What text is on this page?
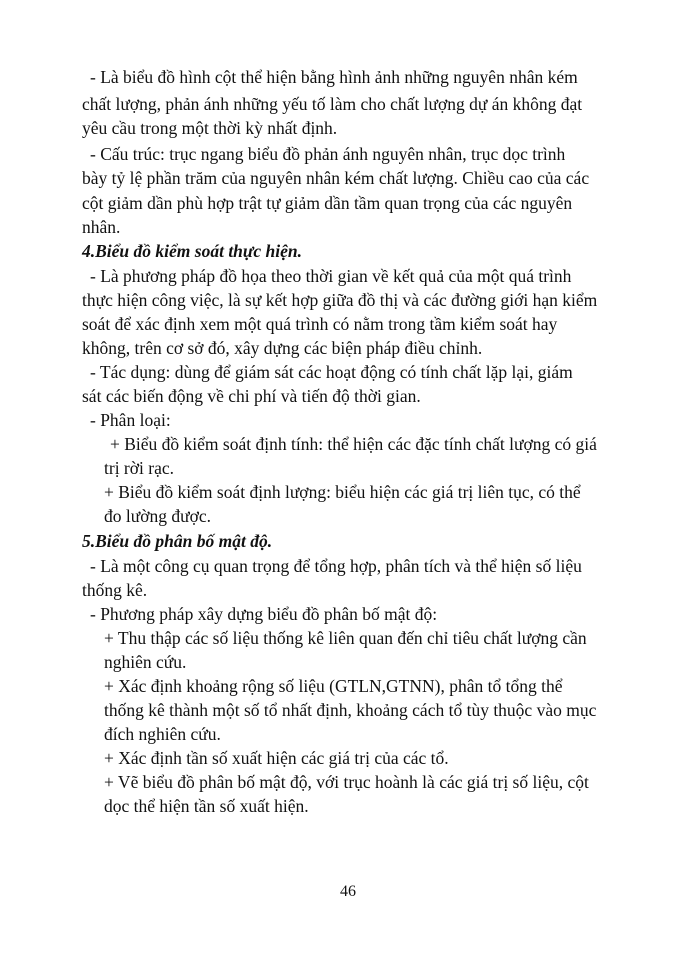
- Là biểu đồ hình cột thể hiện bằng hình ảnh những nguyên nhân kém
chất lượng, phản ánh những yếu tố làm cho chất lượng dự án không đạt
yêu cầu trong một thời kỳ nhất định.
- Cấu trúc: trục ngang biểu đồ phản ánh nguyên nhân, trục dọc trình
bày tỷ lệ phần trăm của nguyên nhân kém chất lượng. Chiều cao của các
cột giảm dần phù hợp trật tự giảm dần tầm quan trọng của các nguyên
nhân.
4.Biểu đồ kiểm soát thực hiện.
- Là phương pháp đồ họa theo thời gian về kết quả của một quá trình
thực hiện công việc, là sự kết hợp giữa đồ thị và các đường giới hạn kiểm
soát để xác định xem một quá trình có nằm trong tầm kiểm soát hay
không, trên cơ sở đó, xây dựng các biện pháp điều chỉnh.
- Tác dụng: dùng để giám sát các hoạt động có tính chất lặp lại, giám
sát các biến động về chi phí và tiến độ thời gian.
- Phân loại:
+ Biểu đồ kiểm soát định tính: thể hiện các đặc tính chất lượng có giá
trị rời rạc.
+ Biểu đồ kiểm soát định lượng: biểu hiện các giá trị liên tục, có thể
đo lường được.
5.Biểu đồ phân bố mật độ.
- Là một công cụ quan trọng để tổng hợp, phân tích và thể hiện số liệu
thống kê.
- Phương pháp xây dựng biểu đồ phân bố mật độ:
+ Thu thập các số liệu thống kê liên quan đến chỉ tiêu chất lượng cần
nghiên cứu.
+ Xác định khoảng rộng số liệu (GTLN,GTNN), phân tổ tổng thể
thống kê thành một số tổ nhất định, khoảng cách tổ tùy thuộc vào mục
đích nghiên cứu.
+ Xác định tần số xuất hiện các giá trị của các tổ.
+ Vẽ biểu đồ phân bố mật độ, với trục hoành là các giá trị số liệu, cột
dọc thể hiện tần số xuất hiện.
46
